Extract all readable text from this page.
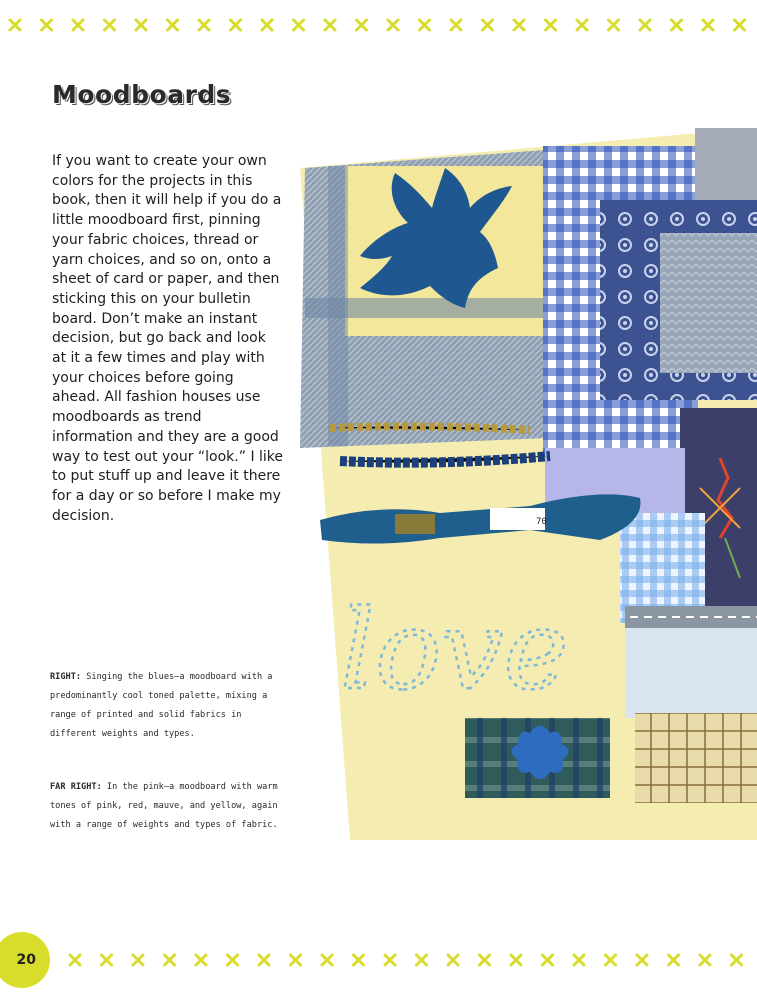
Moodboards

If you want to create your own colors for the projects in this book, then it will help if you do a little moodboard first, pinning your fabric choices, thread or yarn choices, and so on, onto a sheet of card or paper, and then sticking this on your bulletin board. Don’t make an instant decision, but go back and look at it a few times and play with your choices before going ahead. All fashion houses use moodboards as trend information and they are a good way to test out your “look.” I like to put stuff up and leave it there for a day or so before I make my decision.

RIGHT: Singing the blues—a moodboard with a predominantly cool toned palette, mixing a range of printed and solid fabrics in different weights and types.

FAR RIGHT: In the pink—a moodboard with warm tones of pink, red, mauve, and yellow, again with a range of weights and types of fabric.

70
love
20
